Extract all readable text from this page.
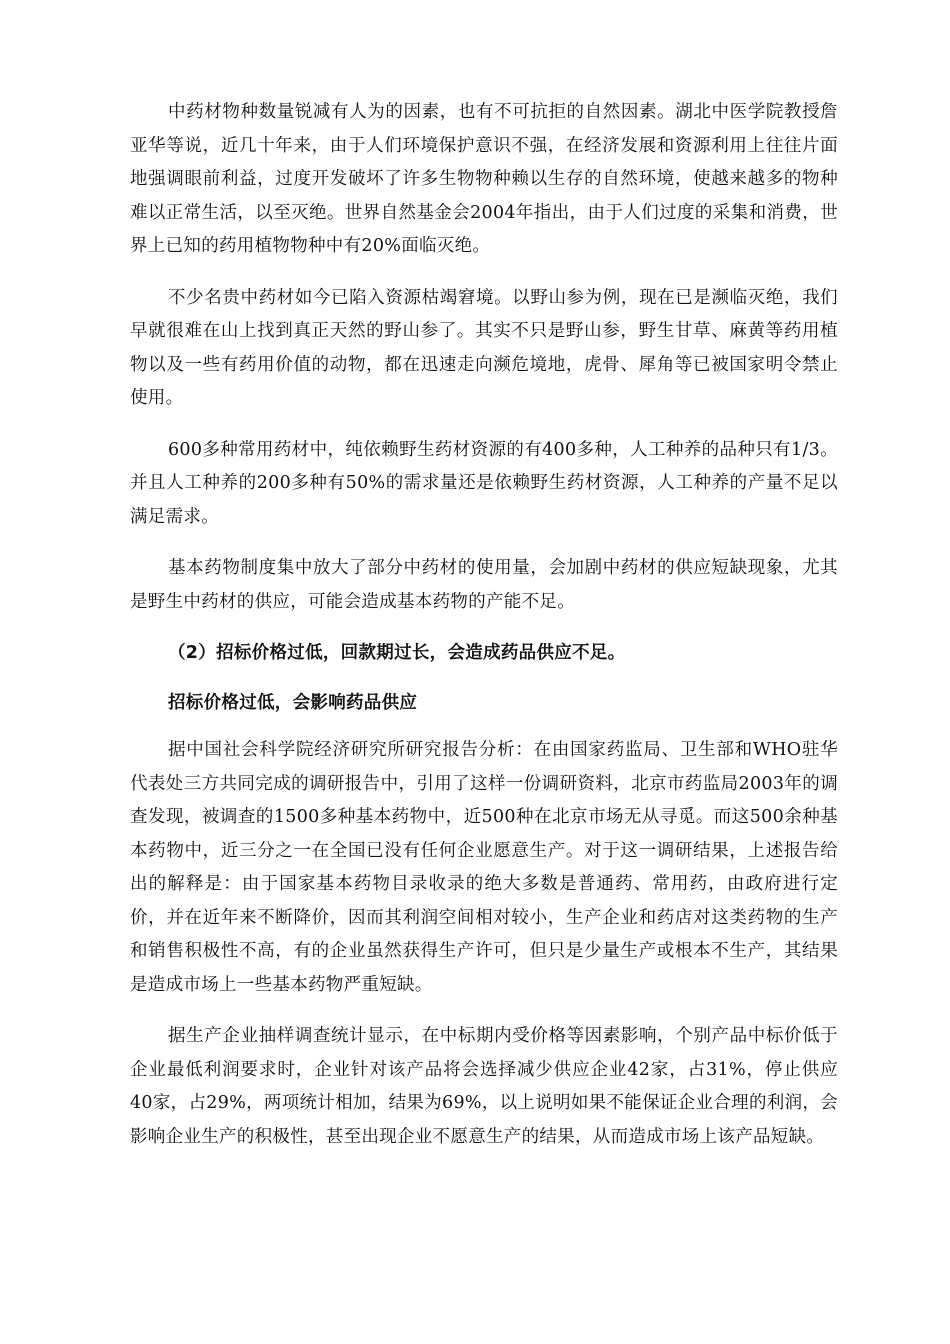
中药材物种数量锐减有人为的因素，也有不可抗拒的自然因素。湖北中医学院教授詹亚华等说，近几十年来，由于人们环境保护意识不强，在经济发展和资源利用上往往片面地强调眼前利益，过度开发破坏了许多生物物种赖以生存的自然环境，使越来越多的物种难以正常生活，以至灭绝。世界自然基金会2004年指出，由于人们过度的采集和消费，世界上已知的药用植物物种中有20%面临灭绝。

不少名贵中药材如今已陷入资源枯竭窘境。以野山参为例，现在已是濒临灭绝，我们早就很难在山上找到真正天然的野山参了。其实不只是野山参，野生甘草、麻黄等药用植物以及一些有药用价值的动物，都在迅速走向濒危境地，虎骨、犀角等已被国家明令禁止使用。

600多种常用药材中，纯依赖野生药材资源的有400多种，人工种养的品种只有1/3。并且人工种养的200多种有50%的需求量还是依赖野生药材资源，人工种养的产量不足以满足需求。

基本药物制度集中放大了部分中药材的使用量，会加剧中药材的供应短缺现象，尤其是野生中药材的供应，可能会造成基本药物的产能不足。

（2）招标价格过低，回款期过长，会造成药品供应不足。

招标价格过低，会影响药品供应

据中国社会科学院经济研究所研究报告分析：在由国家药监局、卫生部和WHO驻华代表处三方共同完成的调研报告中，引用了这样一份调研资料，北京市药监局2003年的调查发现，被调查的1500多种基本药物中，近500种在北京市场无从寻觅。而这500余种基本药物中，近三分之一在全国已没有任何企业愿意生产。对于这一调研结果，上述报告给出的解释是：由于国家基本药物目录收录的绝大多数是普通药、常用药，由政府进行定价，并在近年来不断降价，因而其利润空间相对较小，生产企业和药店对这类药物的生产和销售积极性不高，有的企业虽然获得生产许可，但只是少量生产或根本不生产，其结果是造成市场上一些基本药物严重短缺。

据生产企业抽样调查统计显示，在中标期内受价格等因素影响，个别产品中标价低于企业最低利润要求时，企业针对该产品将会选择减少供应企业42家，占31%，停止供应40家，占29%，两项统计相加，结果为69%，以上说明如果不能保证企业合理的利润，会影响企业生产的积极性，甚至出现企业不愿意生产的结果，从而造成市场上该产品短缺。
